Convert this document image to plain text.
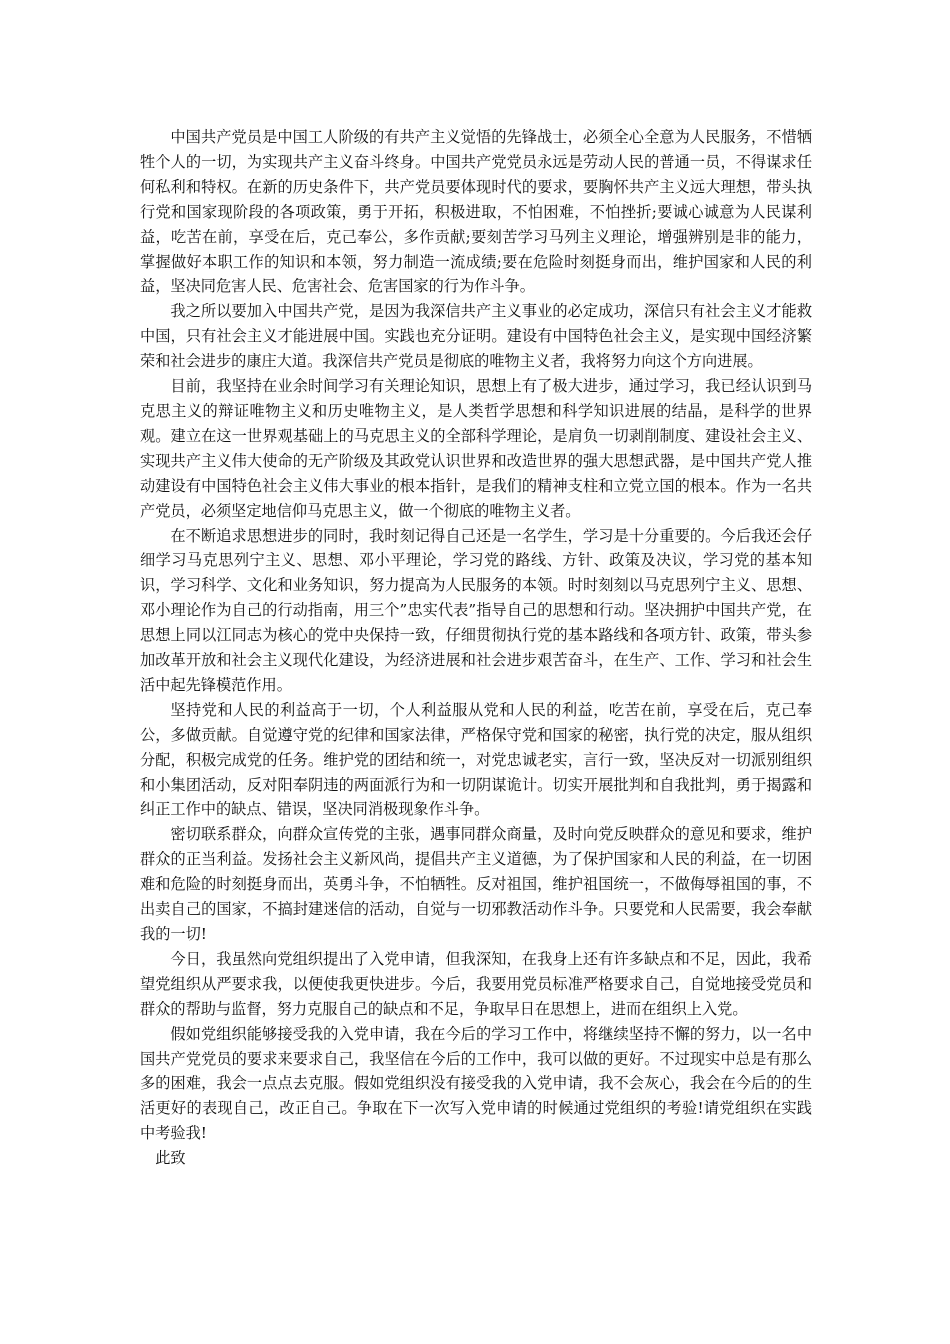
中国共产党员是中国工人阶级的有共产主义觉悟的先锋战士，必须全心全意为人民服务，不惜牺牲个人的一切，为实现共产主义奋斗终身。中国共产党党员永远是劳动人民的普通一员，不得谋求任何私利和特权。在新的历史条件下，共产党员要体现时代的要求，要胸怀共产主义远大理想，带头执行党和国家现阶段的各项政策，勇于开拓，积极进取，不怕困难，不怕挫折;要诚心诚意为人民谋利益，吃苦在前，享受在后，克己奉公，多作贡献;要刻苦学习马列主义理论，增强辨别是非的能力，掌握做好本职工作的知识和本领，努力制造一流成绩;要在危险时刻挺身而出，维护国家和人民的利益，坚决同危害人民、危害社会、危害国家的行为作斗争。

我之所以要加入中国共产党，是因为我深信共产主义事业的必定成功，深信只有社会主义才能救中国，只有社会主义才能进展中国。实践也充分证明。建设有中国特色社会主义，是实现中国经济繁荣和社会进步的康庄大道。我深信共产党员是彻底的唯物主义者，我将努力向这个方向进展。

目前，我坚持在业余时间学习有关理论知识，思想上有了极大进步，通过学习，我已经认识到马克思主义的辩证唯物主义和历史唯物主义，是人类哲学思想和科学知识进展的结晶，是科学的世界观。建立在这一世界观基础上的马克思主义的全部科学理论，是肩负一切剥削制度、建设社会主义、实现共产主义伟大使命的无产阶级及其政党认识世界和改造世界的强大思想武器，是中国共产党人推动建设有中国特色社会主义伟大事业的根本指针，是我们的精神支柱和立党立国的根本。作为一名共产党员，必须坚定地信仰马克思主义，做一个彻底的唯物主义者。

在不断追求思想进步的同时，我时刻记得自己还是一名学生，学习是十分重要的。今后我还会仔细学习马克思列宁主义、思想、邓小平理论，学习党的路线、方针、政策及决议，学习党的基本知识，学习科学、文化和业务知识，努力提高为人民服务的本领。时时刻刻以马克思列宁主义、思想、邓小理论作为自己的行动指南，用三个”忠实代表”指导自己的思想和行动。坚决拥护中国共产党，在思想上同以江同志为核心的党中央保持一致，仔细贯彻执行党的基本路线和各项方针、政策，带头参加改革开放和社会主义现代化建设，为经济进展和社会进步艰苦奋斗，在生产、工作、学习和社会生活中起先锋模范作用。

坚持党和人民的利益高于一切，个人利益服从党和人民的利益，吃苦在前，享受在后，克己奉公，多做贡献。自觉遵守党的纪律和国家法律，严格保守党和国家的秘密，执行党的决定，服从组织分配，积极完成党的任务。维护党的团结和统一，对党忠诚老实，言行一致，坚决反对一切派别组织和小集团活动，反对阳奉阴违的两面派行为和一切阴谋诡计。切实开展批判和自我批判，勇于揭露和纠正工作中的缺点、错误，坚决同消极现象作斗争。

密切联系群众，向群众宣传党的主张，遇事同群众商量，及时向党反映群众的意见和要求，维护群众的正当利益。发扬社会主义新风尚，提倡共产主义道德，为了保护国家和人民的利益，在一切困难和危险的时刻挺身而出，英勇斗争，不怕牺牲。反对祖国，维护祖国统一，不做侮辱祖国的事，不出卖自己的国家，不搞封建迷信的活动，自觉与一切邪教活动作斗争。只要党和人民需要，我会奉献我的一切!

今日，我虽然向党组织提出了入党申请，但我深知，在我身上还有许多缺点和不足，因此，我希望党组织从严要求我，以便使我更快进步。今后，我要用党员标准严格要求自己，自觉地接受党员和群众的帮助与监督，努力克服自己的缺点和不足，争取早日在思想上，进而在组织上入党。

假如党组织能够接受我的入党申请，我在今后的学习工作中，将继续坚持不懈的努力，以一名中国共产党党员的要求来要求自己，我坚信在今后的工作中，我可以做的更好。不过现实中总是有那么多的困难，我会一点点去克服。假如党组织没有接受我的入党申请，我不会灰心，我会在今后的的生活更好的表现自己，改正自己。争取在下一次写入党申请的时候通过党组织的考验!请党组织在实践中考验我!

此致
